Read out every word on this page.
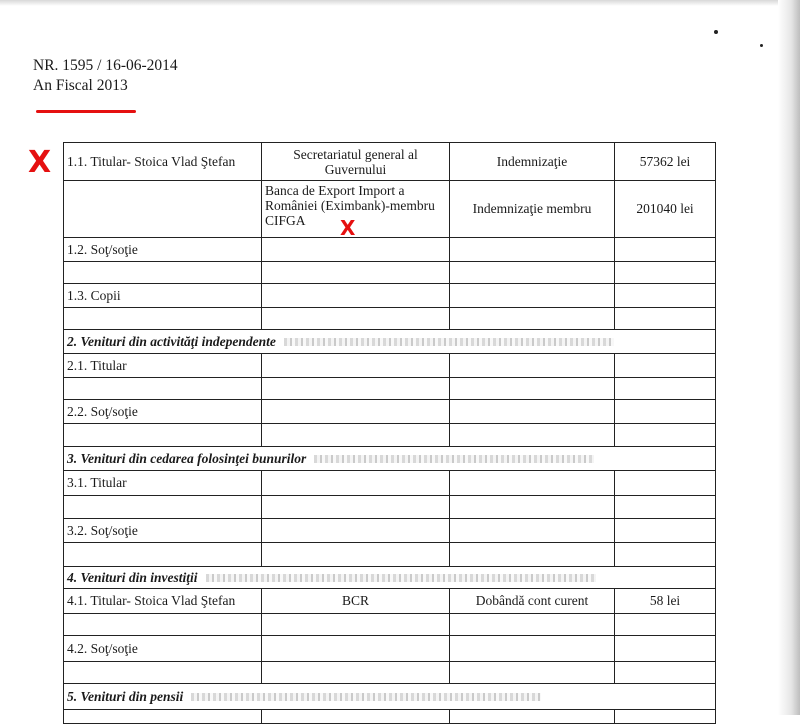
NR. 1595 / 16-06-2014
An Fiscal 2013
X
X
1.1. Titular- Stoica Vlad Ştefan	Secretariatul general al Guvernului	Indemnizaţie	57362 lei
	Banca de Export Import a României (Eximbank)-membru CIFGA	Indemnizaţie membru	201040 lei
1.2. Soţ/soţie			

1.3. Copii			

2. Venituri din activităţi independente			
2.1. Titular			

2.2. Soţ/soţie			

3. Venituri din cedarea folosinţei bunurilor			
3.1. Titular			

3.2. Soţ/soţie			

4. Venituri din investiţii			
4.1. Titular- Stoica Vlad Ştefan	BCR	Dobândă cont curent	58 lei

4.2. Soţ/soţie			

5. Venituri din pensii			
